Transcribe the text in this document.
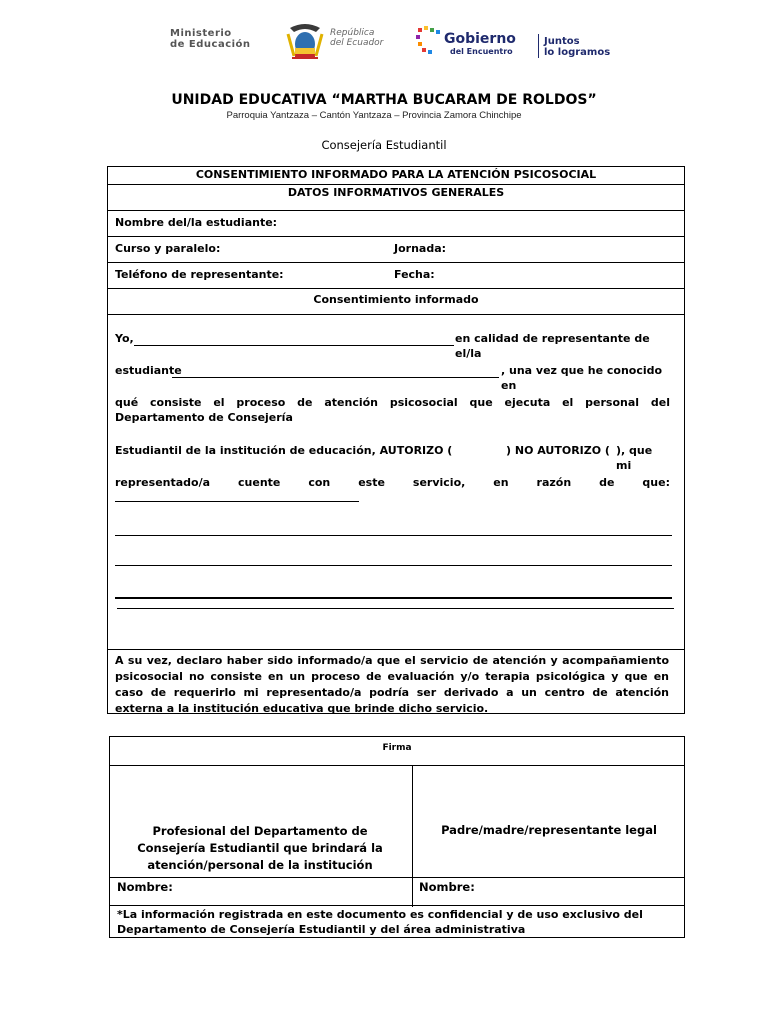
Ministerio
de Educación
República
del Ecuador	Gobierno
del Encuentro
Juntos
lo logramos
UNIDAD EDUCATIVA “MARTHA BUCARAM DE ROLDOS”
Parroquia Yantzaza – Cantón Yantzaza – Provincia Zamora Chinchipe
Consejería Estudiantil
CONSENTIMIENTO INFORMADO PARA LA ATENCIÓN PSICOSOCIAL
DATOS INFORMATIVOS GENERALES
Nombre del/la estudiante:
Curso y paralelo:	Jornada:
Teléfono de representante:	Fecha:
Consentimiento informado
Yo,	en calidad de representante de el/la
estudiante	, una vez que he conocido en
qué consiste el proceso de atención psicosocial que ejecuta el personal del Departamento de Consejería
Estudiantil de la institución de educación, AUTORIZO (	) NO AUTORIZO ( ), que mi
representado/a cuente con este servicio, en razón de que:
A su vez, declaro haber sido informado/a que el servicio de atención y acompañamiento psicosocial no consiste en un proceso de evaluación y/o terapia psicológica y que en caso de requerirlo mi representado/a podría ser derivado a un centro de atención externa a la institución educativa que brinde dicho servicio.
Firma
Profesional del Departamento de Consejería Estudiantil que brindará la atención/personal de la institución
Padre/madre/representante legal
Nombre:	Nombre:
*La información registrada en este documento es confidencial y de uso exclusivo del Departamento de Consejería Estudiantil y del área administrativa
